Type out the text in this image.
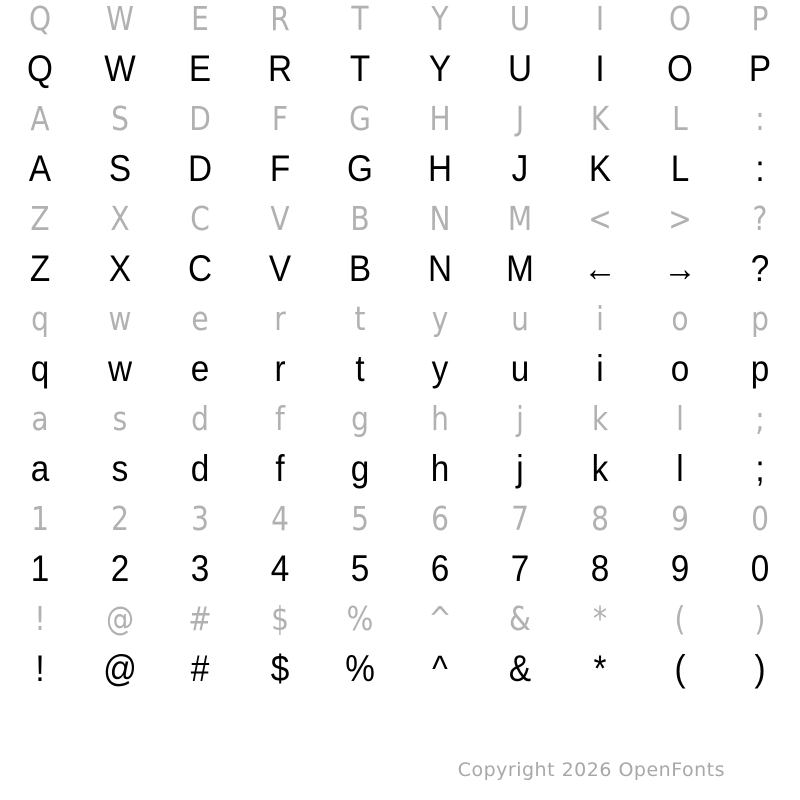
Q	W	E	R	T	Y	U	I	O	P
Q	W	E	R	T	Y	U	I	O	P
A	S	D	F	G	H	J	K	L	:
A	S	D	F	G	H	J	K	L	:
Z	X	C	V	B	N	M	<	>	?
Z	X	C	V	B	N	M	←	→	?
q	w	e	r	t	y	u	i	o	p
q	w	e	r	t	y	u	i	o	p
a	s	d	f	g	h	j	k	l	;
a	s	d	f	g	h	j	k	l	;
1	2	3	4	5	6	7	8	9	0
1	2	3	4	5	6	7	8	9	0
!	@	#	$	%	^	&	*	(	)
!	@	#	$	%	^	&	*	(	)
Copyright 2026 OpenFonts
